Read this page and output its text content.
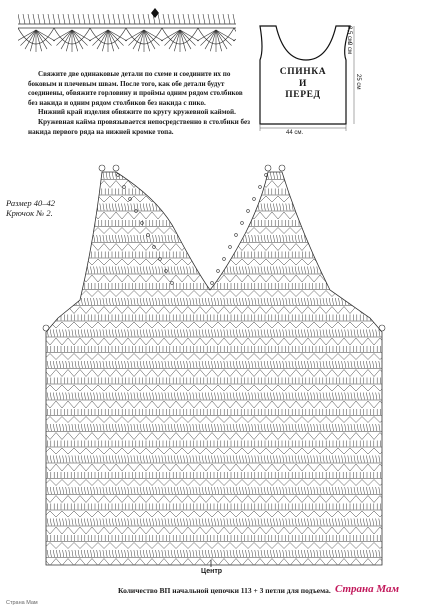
Свяжите две одинаковые детали по схеме и соедините их по боковым и плечевым швам. После того, как обе детали будут соединены, обвяжите горловину и проймы одним рядом столбиков без накида и одним рядом столбиков без накида с пико.

Нижний край изделия обвяжите по кругу кружевной каймой.

Кружевная кайма провязывается непосредственно в столбики без накида первого ряда на нижней кромке топа.

СПИНКА
И
ПЕРЕД
44 см.
8,5 см.
9 см
25 см
Размер 40–42
Крючок № 2.
Центр
Количество ВП начальной цепочки 113 + 3 петли для подъема.
Страна Мам
Страна Мам
